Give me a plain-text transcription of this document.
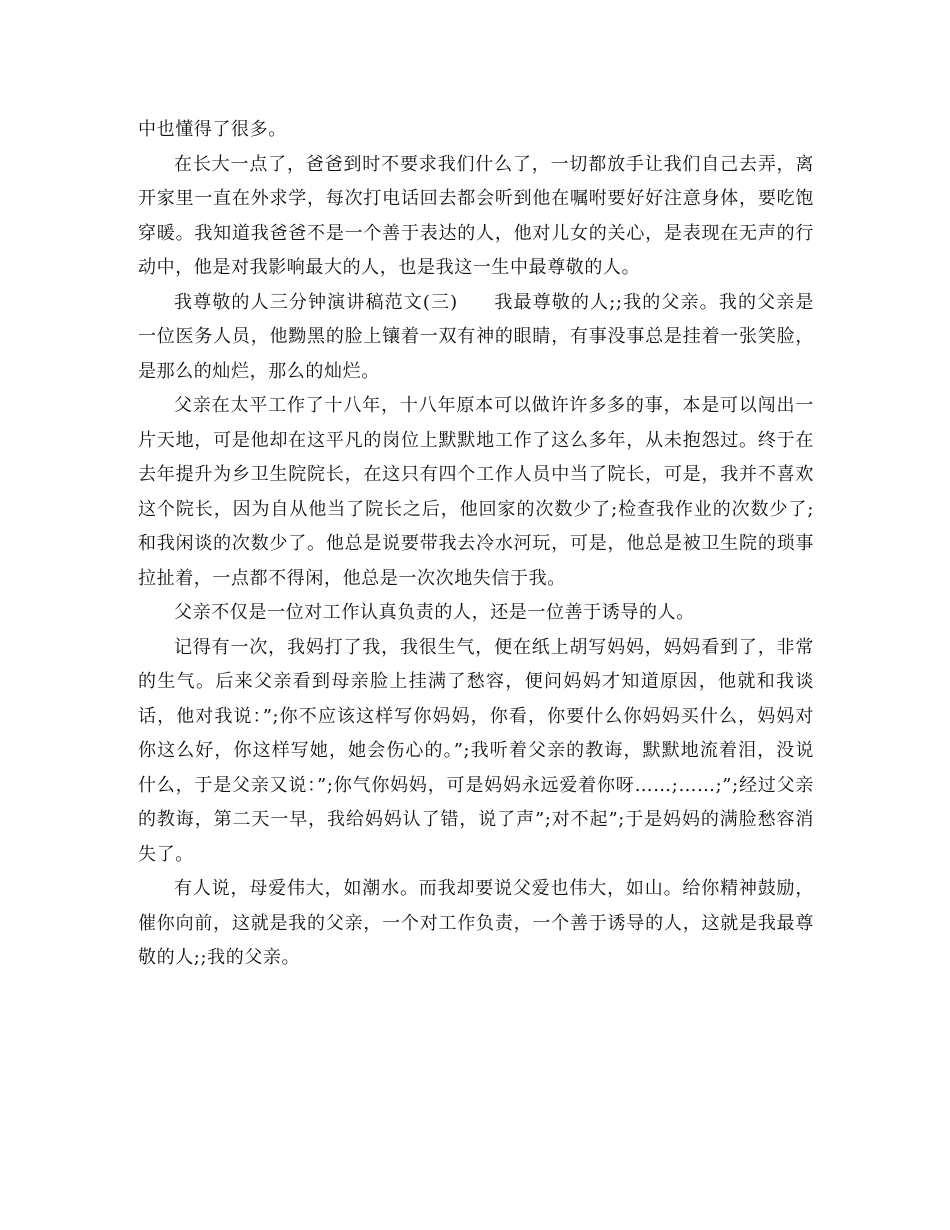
中也懂得了很多。

在长大一点了，爸爸到时不要求我们什么了，一切都放手让我们自己去弄，离开家里一直在外求学，每次打电话回去都会听到他在嘱咐要好好注意身体，要吃饱穿暖。我知道我爸爸不是一个善于表达的人，他对儿女的关心，是表现在无声的行动中，他是对我影响最大的人，也是我这一生中最尊敬的人。

我尊敬的人三分钟演讲稿范文(三) 我最尊敬的人;;我的父亲。我的父亲是一位医务人员，他黝黑的脸上镶着一双有神的眼睛，有事没事总是挂着一张笑脸，是那么的灿烂，那么的灿烂。

父亲在太平工作了十八年，十八年原本可以做许许多多的事，本是可以闯出一片天地，可是他却在这平凡的岗位上默默地工作了这么多年，从未抱怨过。终于在去年提升为乡卫生院院长，在这只有四个工作人员中当了院长，可是，我并不喜欢这个院长，因为自从他当了院长之后，他回家的次数少了;检查我作业的次数少了;和我闲谈的次数少了。他总是说要带我去冷水河玩，可是，他总是被卫生院的琐事拉扯着，一点都不得闲，他总是一次次地失信于我。

父亲不仅是一位对工作认真负责的人，还是一位善于诱导的人。

记得有一次，我妈打了我，我很生气，便在纸上胡写妈妈，妈妈看到了，非常的生气。后来父亲看到母亲脸上挂满了愁容，便问妈妈才知道原因，他就和我谈话，他对我说：”;你不应该这样写你妈妈，你看，你要什么你妈妈买什么，妈妈对你这么好，你这样写她，她会伤心的。”;我听着父亲的教诲，默默地流着泪，没说什么，于是父亲又说：”;你气你妈妈，可是妈妈永远爱着你呀……;……;”;经过父亲的教诲，第二天一早，我给妈妈认了错，说了声”;对不起”;于是妈妈的满脸愁容消失了。

有人说，母爱伟大，如潮水。而我却要说父爱也伟大，如山。给你精神鼓励，催你向前，这就是我的父亲，一个对工作负责，一个善于诱导的人，这就是我最尊敬的人;;我的父亲。
